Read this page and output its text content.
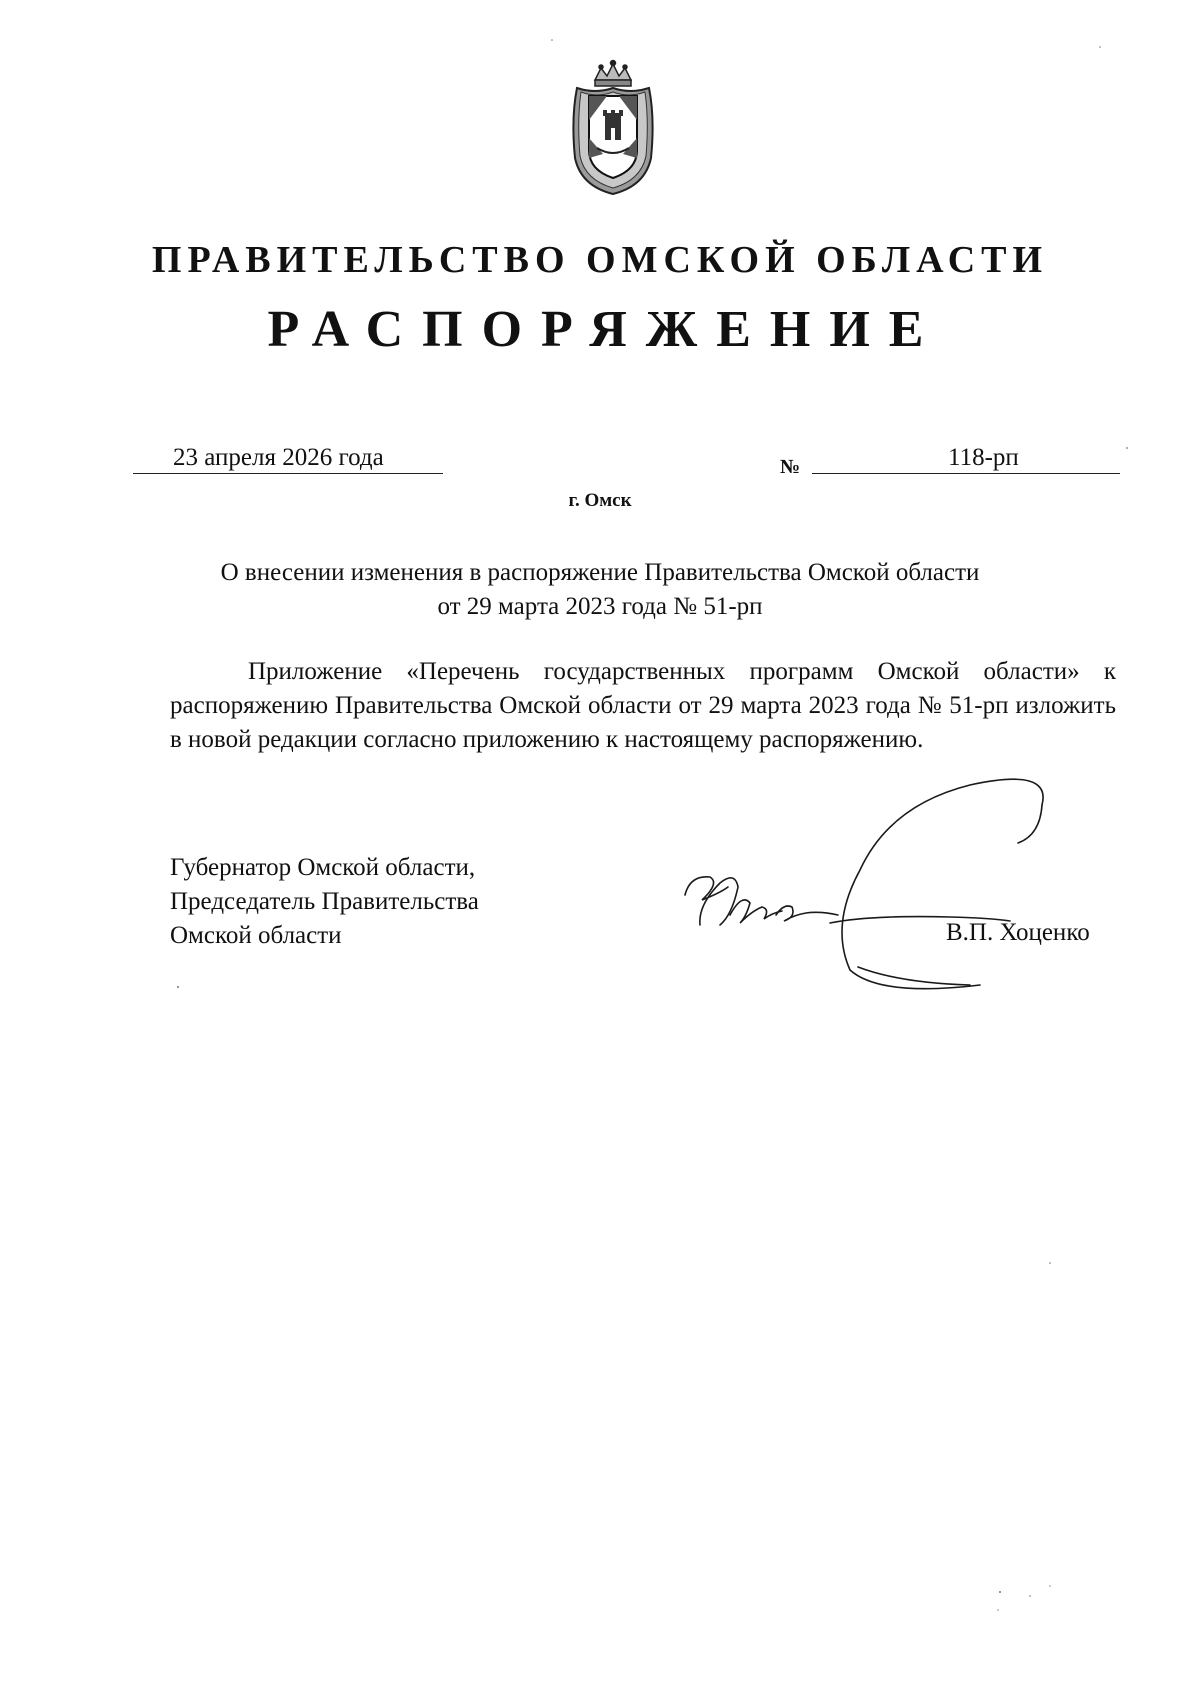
ПРАВИТЕЛЬСТВО ОМСКОЙ ОБЛАСТИ
РАСПОРЯЖЕНИЕ
23 апреля 2026 года	№	118-рп
г. Омск
О внесении изменения в распоряжение Правительства Омской области
от 29 марта 2023 года № 51-рп
Приложение «Перечень государственных программ Омской области» к распоряжению Правительства Омской области от 29 марта 2023 года № 51-рп изложить в новой редакции согласно приложению к настоящему распоряжению.
Губернатор Омской области,
Председатель Правительства
Омской области	В.П. Хоценко
